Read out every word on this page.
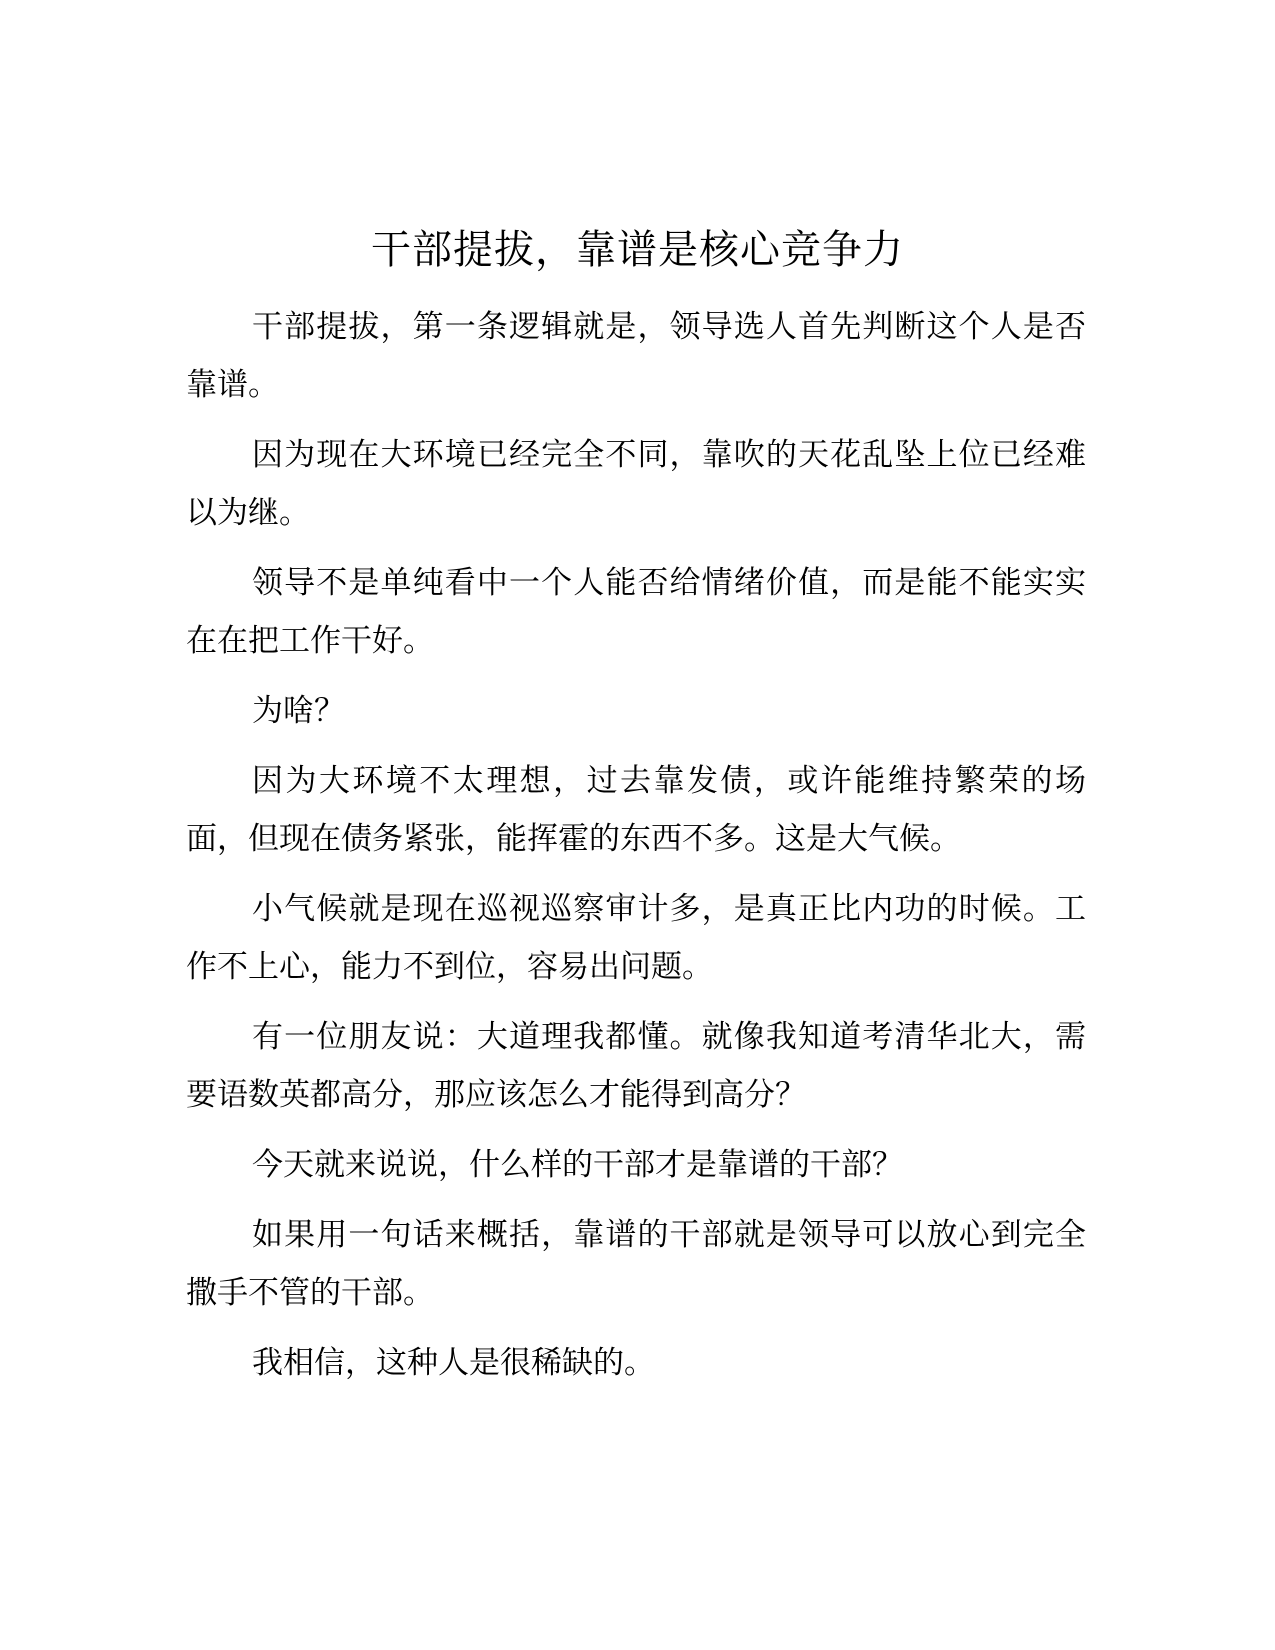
干部提拔，靠谱是核心竞争力

干部提拔，第一条逻辑就是，领导选人首先判断这个人是否靠谱。

因为现在大环境已经完全不同，靠吹的天花乱坠上位已经难以为继。

领导不是单纯看中一个人能否给情绪价值，而是能不能实实在在把工作干好。

为啥？

因为大环境不太理想，过去靠发债，或许能维持繁荣的场面，但现在债务紧张，能挥霍的东西不多。这是大气候。

小气候就是现在巡视巡察审计多，是真正比内功的时候。工作不上心，能力不到位，容易出问题。

有一位朋友说：大道理我都懂。就像我知道考清华北大，需要语数英都高分，那应该怎么才能得到高分？

今天就来说说，什么样的干部才是靠谱的干部？

如果用一句话来概括，靠谱的干部就是领导可以放心到完全撒手不管的干部。

我相信，这种人是很稀缺的。
